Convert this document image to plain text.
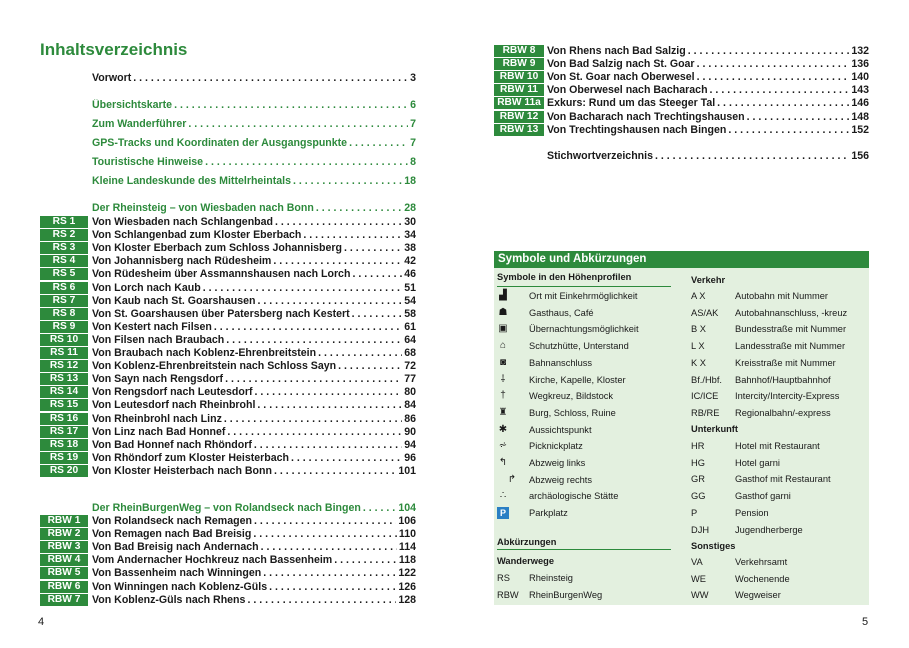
Inhaltsverzeichnis
Vorwort . . .	3
Übersichtskarte . . .	6
Zum Wanderführer . . .	7
GPS-Tracks und Koordinaten der Ausgangspunkte . . .	7
Touristische Hinweise . . .	8
Kleine Landeskunde des Mittelrheintals . . .	18
Der Rheinsteig – von Wiesbaden nach Bonn . . .	28
RS 1	Von Wiesbaden nach Schlangenbad . . .	30
RS 2	Von Schlangenbad zum Kloster Eberbach . . .	34
RS 3	Von Kloster Eberbach zum Schloss Johannisberg . . .	38
RS 4	Von Johannisberg nach Rüdesheim . . .	42
RS 5	Von Rüdesheim über Assmannshausen nach Lorch . . .	46
RS 6	Von Lorch nach Kaub . . .	51
RS 7	Von Kaub nach St. Goarshausen . . .	54
RS 8	Von St. Goarshausen über Patersberg nach Kestert . . .	58
RS 9	Von Kestert nach Filsen . . .	61
RS 10	Von Filsen nach Braubach . . .	64
RS 11	Von Braubach nach Koblenz-Ehrenbreitstein . . .	68
RS 12	Von Koblenz-Ehrenbreitstein nach Schloss Sayn . . .	72
RS 13	Von Sayn nach Rengsdorf . . .	77
RS 14	Von Rengsdorf nach Leutesdorf . . .	80
RS 15	Von Leutesdorf nach Rheinbrohl . . .	84
RS 16	Von Rheinbrohl nach Linz . . .	86
RS 17	Von Linz nach Bad Honnef . . .	90
RS 18	Von Bad Honnef nach Rhöndorf . . .	94
RS 19	Von Rhöndorf zum Kloster Heisterbach . . .	96
RS 20	Von Kloster Heisterbach nach Bonn . . .	101
Der RheinBurgenWeg – von Rolandseck nach Bingen . . .	104
RBW 1	Von Rolandseck nach Remagen . . .	106
RBW 2	Von Remagen nach Bad Breisig . . .	110
RBW 3	Von Bad Breisig nach Andernach . . .	114
RBW 4	Vom Andernacher Hochkreuz nach Bassenheim . . .	118
RBW 5	Von Bassenheim nach Winningen . . .	122
RBW 6	Von Winningen nach Koblenz-Güls . . .	126
RBW 7	Von Koblenz-Güls nach Rhens . . .	128
4
RBW 8	Von Rhens nach Bad Salzig . . .	132
RBW 9	Von Bad Salzig nach St. Goar . . .	136
RBW 10 Von St. Goar nach Oberwesel . . .	140
RBW 11 Von Oberwesel nach Bacharach . . .	143
RBW 11a Exkurs: Rund um das Steeger Tal . . .	146
RBW 12 Von Bacharach nach Trechtingshausen . . .	148
RBW 13 Von Trechtingshausen nach Bingen . . .	152
Stichwortverzeichnis . . .	156
5
Symbole und Abkürzungen
Symbole in den Höhenprofilen
▟ Ort mit Einkehrmöglichkeit
☗ Gasthaus, Café
▣ Übernachtungsmöglichkeit
⌂	Schutzhütte, Unterstand
◙	Bahnanschluss
⸸	Kirche, Kapelle, Kloster
†	Wegkreuz, Bildstock
♜ Burg, Schloss, Ruine
✱ Aussichtspunkt
⩫ Picknickplatz
↰ Abzweig links
↱ Abzweig rechts
∴	archäologische Stätte
P	Parkplatz
Abkürzungen
Wanderwege
RS Rheinsteig
RBW RheinBurgenWeg
Verkehr
A X	Autobahn mit Nummer
AS/AK Autobahnanschluss, -kreuz
B X	Bundesstraße mit Nummer
L X	Landesstraße mit Nummer
K X	Kreisstraße mit Nummer
Bf./Hbf. Bahnhof/Hauptbahnhof
IC/ICE Intercity/Intercity-Express
RB/RE Regionalbahn/-express
Unterkunft
HR	Hotel mit Restaurant
HG	Hotel garni
GR	Gasthof mit Restaurant
GG	Gasthof garni
P	Pension
DJH	Jugendherberge
Sonstiges
VA	Verkehrsamt
WE	Wochenende
WW	Wegweiser
